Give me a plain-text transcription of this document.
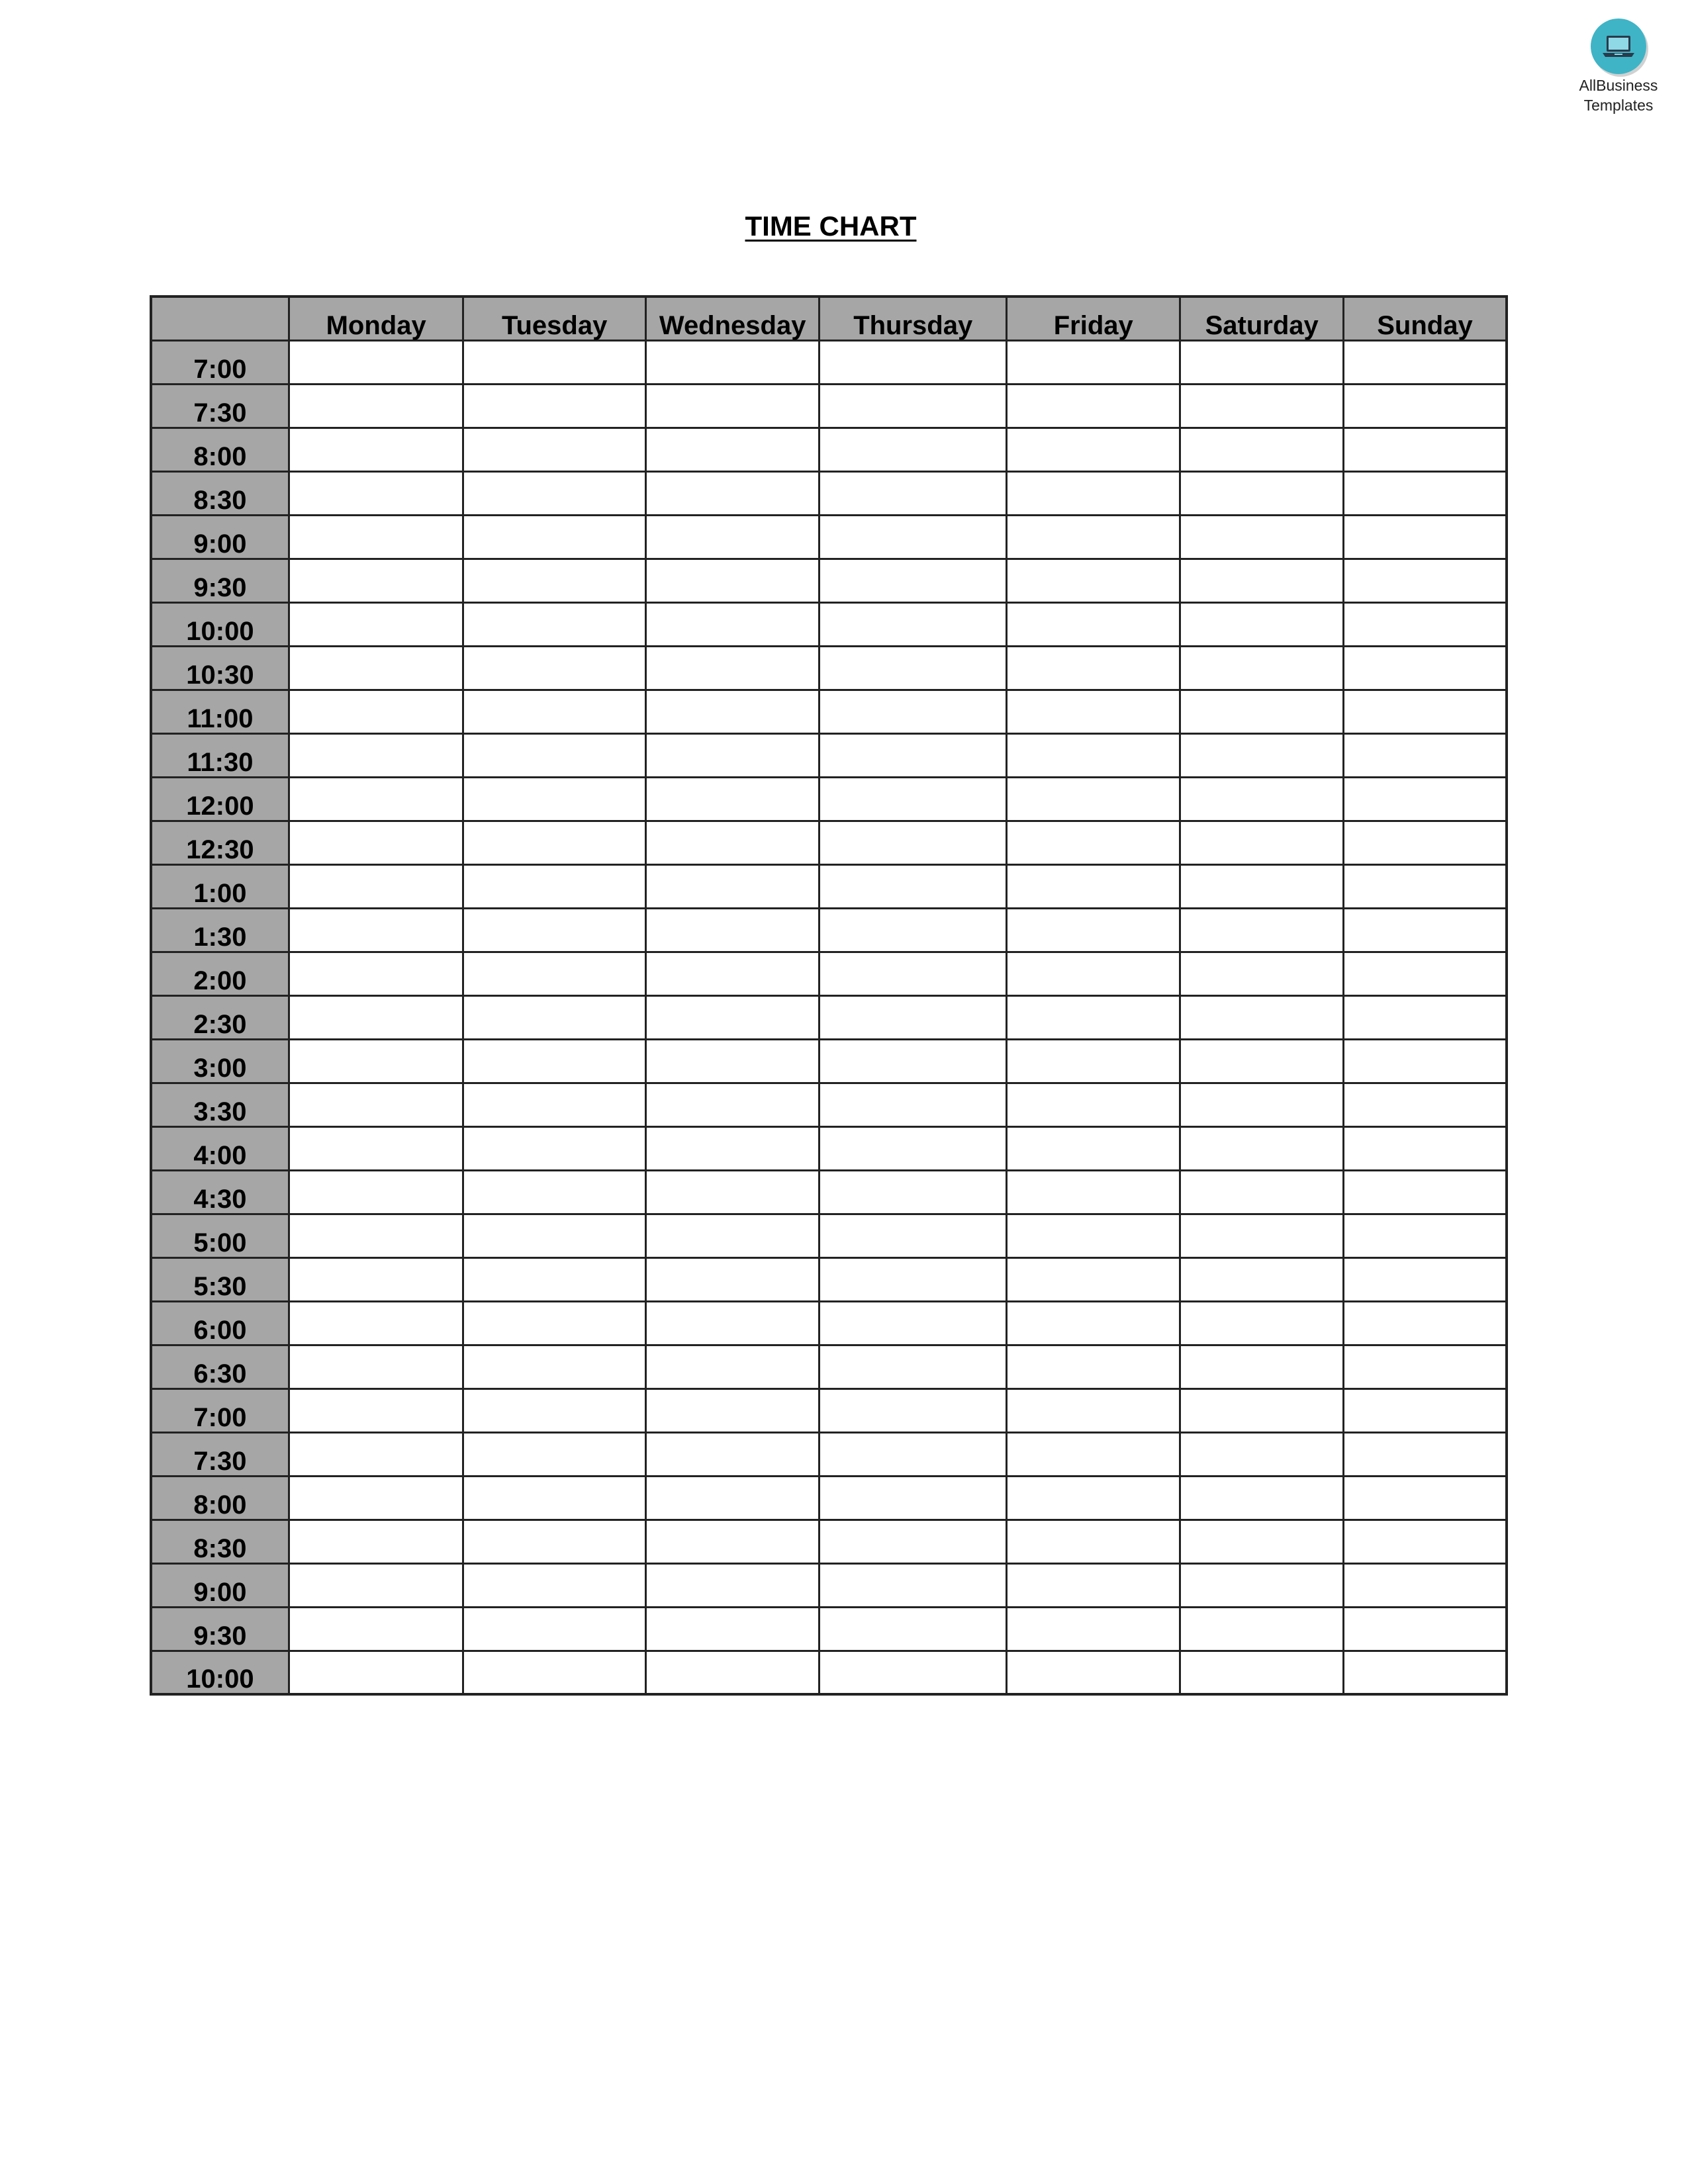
AllBusiness
Templates
TIME CHART
	Monday	Tuesday	Wednesday	Thursday	Friday	Saturday	Sunday
7:00							
7:30							
8:00							
8:30							
9:00							
9:30							
10:00							
10:30							
11:00							
11:30							
12:00							
12:30							
1:00							
1:30							
2:00							
2:30							
3:00							
3:30							
4:00							
4:30							
5:00							
5:30							
6:00							
6:30							
7:00							
7:30							
8:00							
8:30							
9:00							
9:30							
10:00							
